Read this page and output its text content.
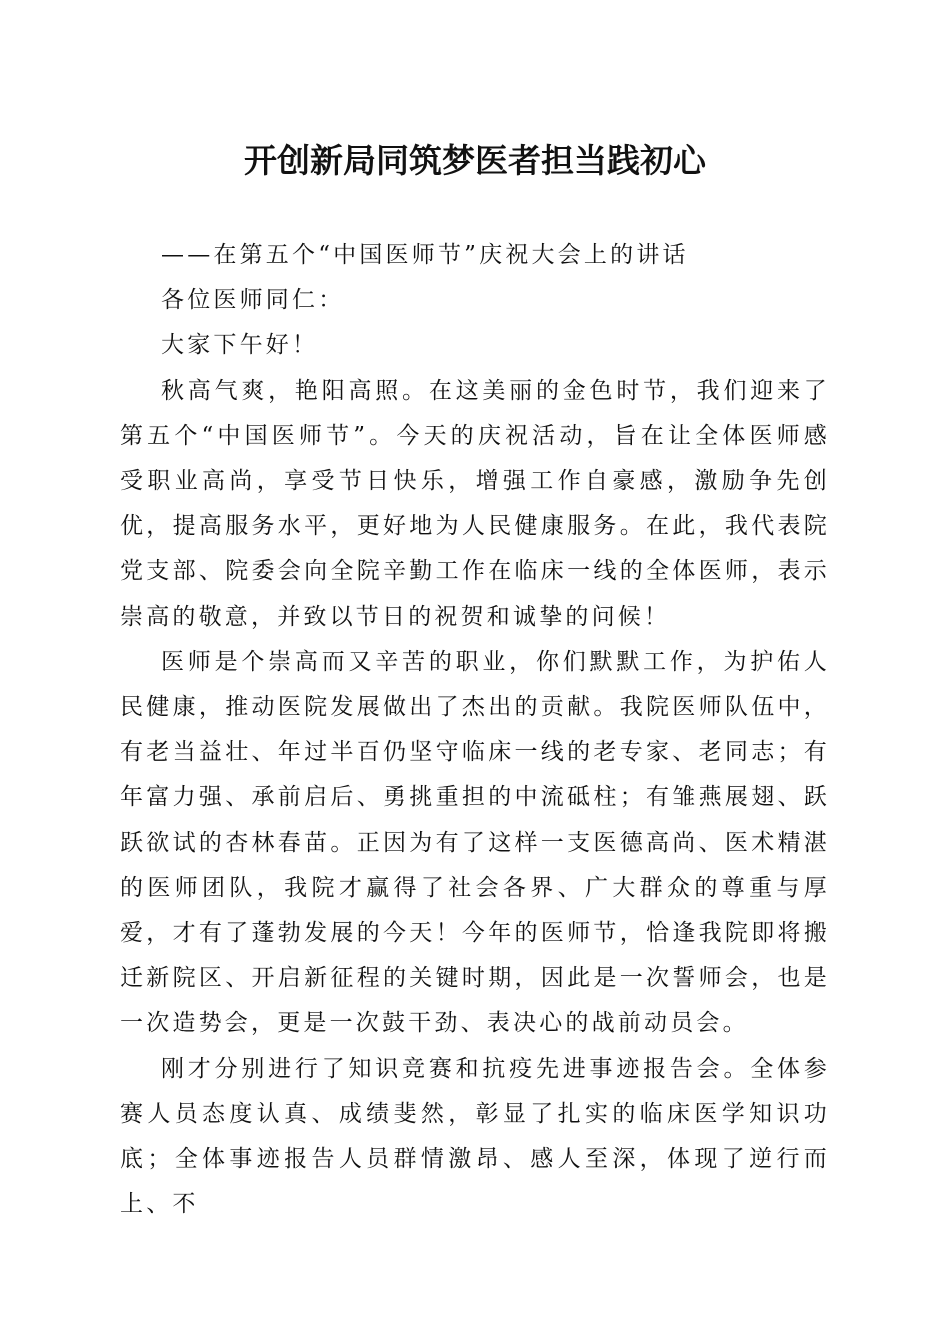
开创新局同筑梦医者担当践初心

——在第五个“中国医师节”庆祝大会上的讲话

各位医师同仁：

大家下午好！

秋高气爽，艳阳高照。在这美丽的金色时节，我们迎来了第五个“中国医师节”。今天的庆祝活动，旨在让全体医师感受职业高尚，享受节日快乐，增强工作自豪感，激励争先创优，提高服务水平，更好地为人民健康服务。在此，我代表院党支部、院委会向全院辛勤工作在临床一线的全体医师，表示崇高的敬意，并致以节日的祝贺和诚挚的问候！

医师是个崇高而又辛苦的职业，你们默默工作，为护佑人民健康，推动医院发展做出了杰出的贡献。我院医师队伍中，有老当益壮、年过半百仍坚守临床一线的老专家、老同志；有年富力强、承前启后、勇挑重担的中流砥柱；有雏燕展翅、跃跃欲试的杏林春苗。正因为有了这样一支医德高尚、医术精湛的医师团队，我院才赢得了社会各界、广大群众的尊重与厚爱，才有了蓬勃发展的今天！今年的医师节，恰逢我院即将搬迁新院区、开启新征程的关键时期，因此是一次誓师会，也是一次造势会，更是一次鼓干劲、表决心的战前动员会。

刚才分别进行了知识竞赛和抗疫先进事迹报告会。全体参赛人员态度认真、成绩斐然，彰显了扎实的临床医学知识功底；全体事迹报告人员群情激昂、感人至深，体现了逆行而上、不
